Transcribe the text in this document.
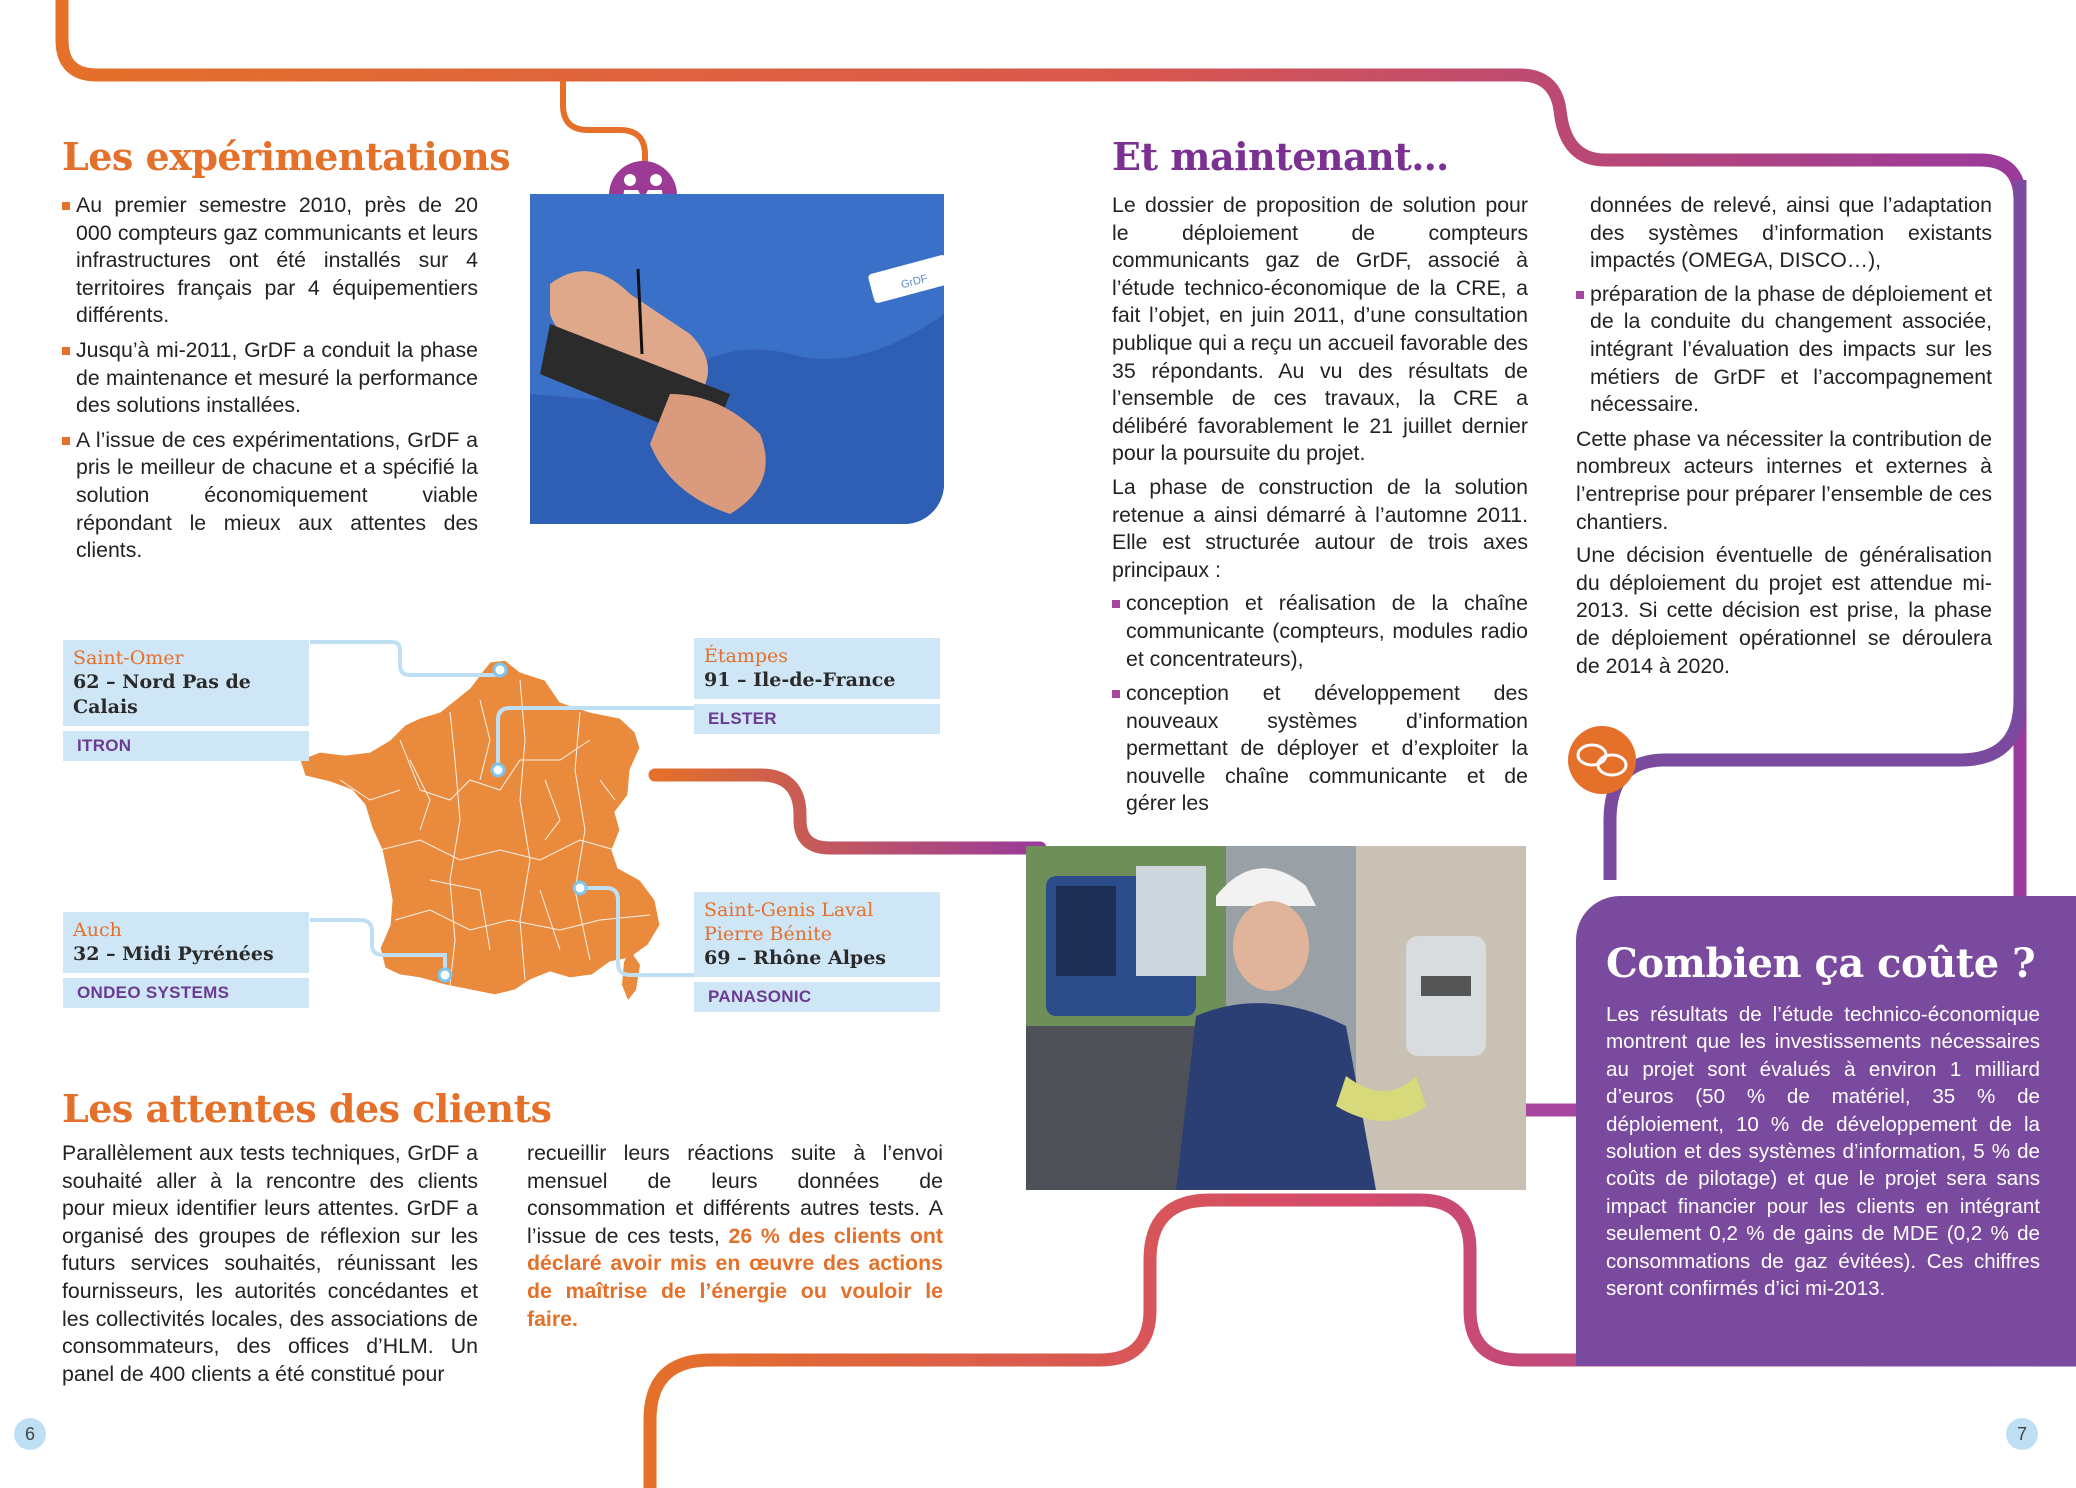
6	7
Les expérimentations
Au premier semestre 2010, près de 20 000 compteurs gaz communicants et leurs infrastructures ont été installés sur 4 territoires français par 4 équipementiers différents.
Jusqu’à mi-2011, GrDF a conduit la phase de maintenance et mesuré la performance des solutions installées.
A l’issue de ces expérimentations, GrDF a pris le meilleur de chacune et a spécifié la solution économiquement viable répondant le mieux aux attentes des clients.
GrDF
Saint-Omer
62 – Nord Pas de Calais
ITRON
Étampes
91 – Ile-de-France
ELSTER
Auch
32 – Midi Pyrénées
ONDEO SYSTEMS
Saint-Genis Laval
Pierre Bénite
69 – Rhône Alpes
PANASONIC
Les attentes des clients

Parallèlement aux tests techniques, GrDF a souhaité aller à la rencontre des clients pour mieux identifier leurs attentes. GrDF a organisé des groupes de réflexion sur les futurs services souhaités, réunissant les fournisseurs, les autorités concédantes et les collectivités locales, des associations de consommateurs, des offices d’HLM. Un panel de 400 clients a été constitué pour

recueillir leurs réactions suite à l’envoi mensuel de leurs données de consommation et différents autres tests. A l’issue de ces tests, 26 % des clients ont déclaré avoir mis en œuvre des actions de maîtrise de l’énergie ou vouloir le faire.

Et maintenant…

Le dossier de proposition de solution pour le déploiement de compteurs communicants gaz de GrDF, associé à l’étude technico-économique de la CRE, a fait l’objet, en juin 2011, d’une consultation publique qui a reçu un accueil favorable des 35 répondants. Au vu des résultats de l’ensemble de ces travaux, la CRE a délibéré favorablement le 21 juillet dernier pour la poursuite du projet.

La phase de construction de la solution retenue a ainsi démarré à l’automne 2011. Elle est structurée autour de trois axes principaux :

conception et réalisation de la chaîne communicante (compteurs, modules radio et concentrateurs),
conception et développement des nouveaux systèmes d’information permettant de déployer et d’exploiter la nouvelle chaîne communicante et de gérer les

données de relevé, ainsi que l’adaptation des systèmes d’information existants impactés (OMEGA, DISCO…),

préparation de la phase de déploiement et de la conduite du changement associée, intégrant l’évaluation des impacts sur les métiers de GrDF et l’accompagnement nécessaire.

Cette phase va nécessiter la contribution de nombreux acteurs internes et externes à l’entreprise pour préparer l’ensemble de ces chantiers.

Une décision éventuelle de généralisation du déploiement du projet est attendue mi-2013. Si cette décision est prise, la phase de déploiement opérationnel se déroulera de 2014 à 2020.

Combien ça coûte ?

Les résultats de l’étude technico-économique montrent que les investissements nécessaires au projet sont évalués à environ 1 milliard d’euros (50 % de matériel, 35 % de déploiement, 10 % de développement de la solution et des systèmes d’information, 5 % de coûts de pilotage) et que le projet sera sans impact financier pour les clients en intégrant seulement 0,2 % de gains de MDE (0,2 % de consommations de gaz évitées). Ces chiffres seront confirmés d’ici mi-2013.
